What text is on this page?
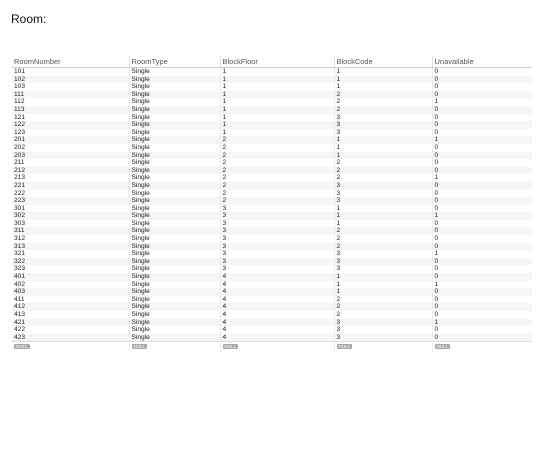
Room:
RoomNumber	RoomType	BlockFloor	BlockCode	Unavailable
101	Single	1	1	0
102	Single	1	1	0
103	Single	1	1	0
111	Single	1	2	0
112	Single	1	2	1
113	Single	1	2	0
121	Single	1	3	0
122	Single	1	3	0
123	Single	1	3	0
201	Single	2	1	1
202	Single	2	1	0
203	Single	2	1	0
211	Single	2	2	0
212	Single	2	2	0
213	Single	2	2	1
221	Single	2	3	0
222	Single	2	3	0
223	Single	2	3	0
301	Single	3	1	0
302	Single	3	1	1
303	Single	3	1	0
311	Single	3	2	0
312	Single	3	2	0
313	Single	3	2	0
321	Single	3	3	1
322	Single	3	3	0
323	Single	3	3	0
401	Single	4	1	0
402	Single	4	1	1
403	Single	4	1	0
411	Single	4	2	0
412	Single	4	2	0
413	Single	4	2	0
421	Single	4	3	1
422	Single	4	3	0
423	Single	4	3	0
NULL	NULL	NULL	NULL	NULL
